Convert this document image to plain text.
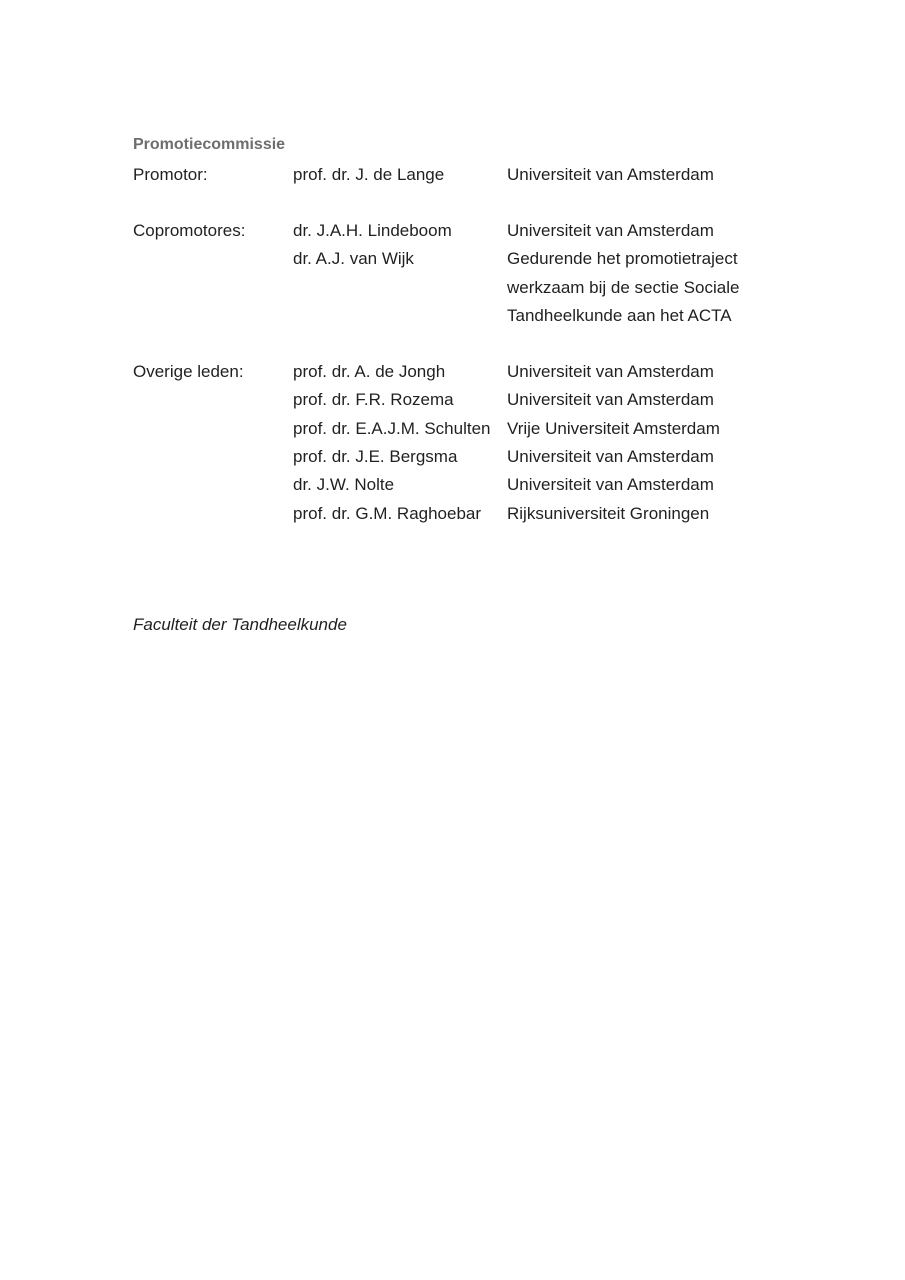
Promotiecommissie
Promotor:	prof. dr. J. de Lange	Universiteit van Amsterdam
Copromotores:	dr. J.A.H. Lindeboom	Universiteit van Amsterdam
dr. A.J. van Wijk	Gedurende het promotietraject
werkzaam bij de sectie Sociale
Tandheelkunde aan het ACTA
Overige leden:	prof. dr. A. de Jongh	Universiteit van Amsterdam
prof. dr. F.R. Rozema	Universiteit van Amsterdam
prof. dr. E.A.J.M. Schulten Vrije Universiteit Amsterdam
prof. dr. J.E. Bergsma	Universiteit van Amsterdam
dr. J.W. Nolte	Universiteit van Amsterdam
prof. dr. G.M. Raghoebar Rijksuniversiteit Groningen
Faculteit der Tandheelkunde
